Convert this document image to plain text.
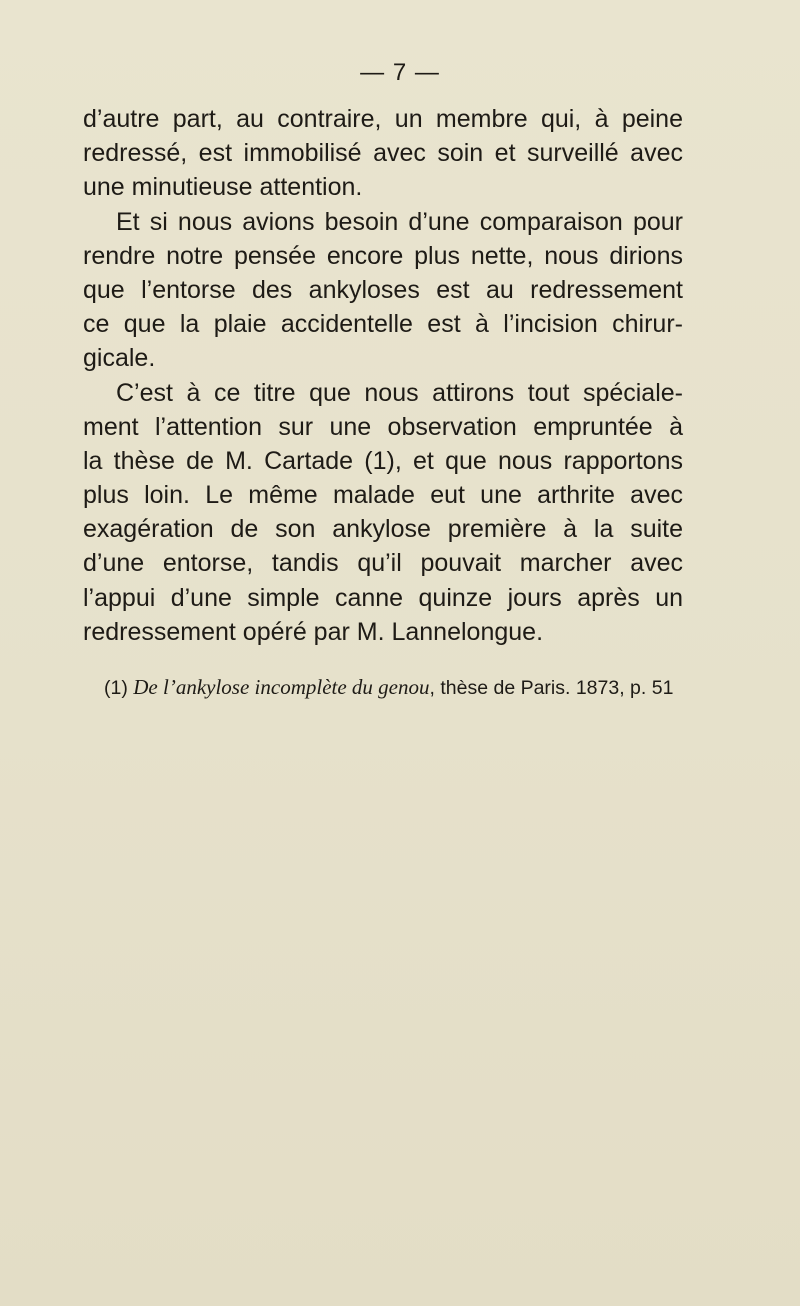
— 7 —
d’autre part, au contraire, un membre qui, à peine
redressé, est immobilisé avec soin et surveillé avec
une minutieuse attention.
Et si nous avions besoin d’une comparaison pour
rendre notre pensée encore plus nette, nous dirions
que l’entorse des ankyloses est au redressement
ce que la plaie accidentelle est à l’incision chirur-
gicale.
C’est à ce titre que nous attirons tout spéciale-
ment l’attention sur une observation empruntée à
la thèse de M. Cartade (1), et que nous rapportons
plus loin. Le même malade eut une arthrite avec
exagération de son ankylose première à la suite
d’une entorse, tandis qu’il pouvait marcher avec
l’appui d’une simple canne quinze jours après un
redressement opéré par M. Lannelongue.
(1) De l’ankylose incomplète du genou, thèse de Paris. 1873, p. 51
